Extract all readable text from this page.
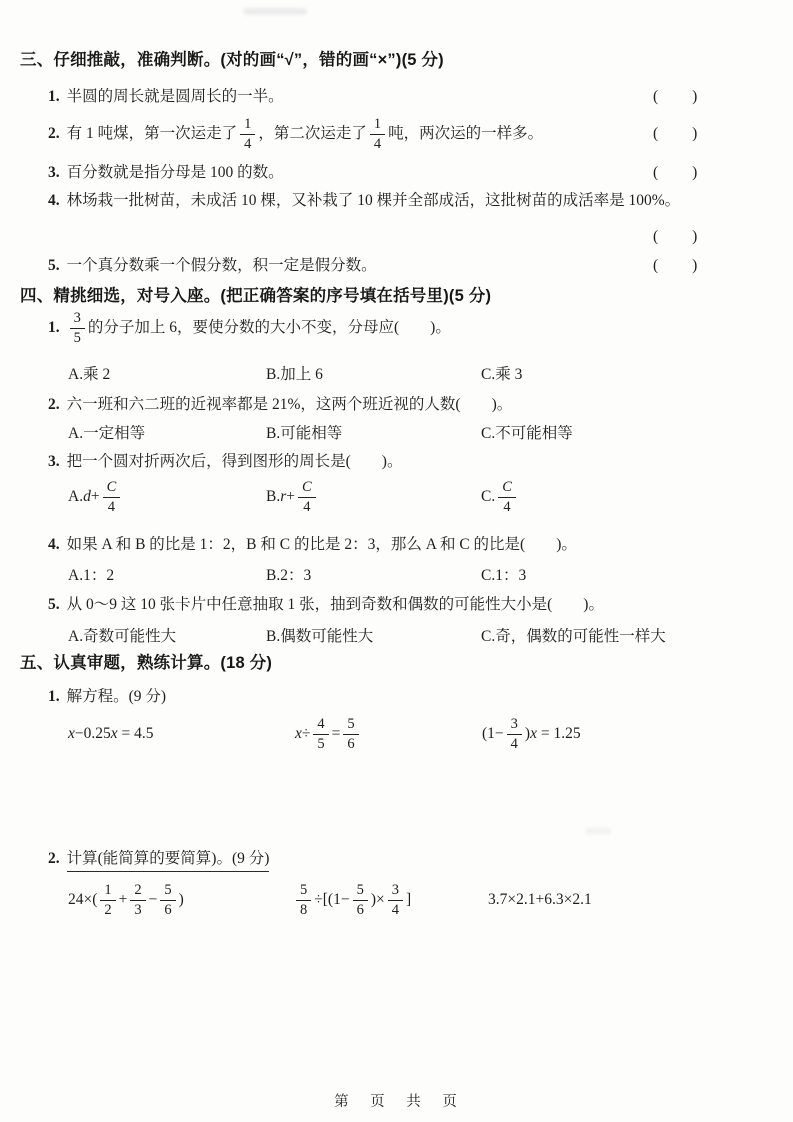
三、仔细推敲，准确判断。(对的画“√”，错的画“×”)(5 分)
1. 半圆的周长就是圆周长的一半。	(　　)
2. 有 1 吨煤，第一次运走了 $\frac{1}{4}$ ，第二次运走了 $\frac{1}{4}$ 吨，两次运的一样多。	(　　)
3. 百分数就是指分母是 100 的数。	(　　)
4. 林场栽一批树苗，未成活 10 棵，又补栽了 10 棵并全部成活，这批树苗的成活率是 100%。
(　　)
5. 一个真分数乘一个假分数，积一定是假分数。	(　　)
四、精挑细选，对号入座。(把正确答案的序号填在括号里)(5 分)
1. $\frac{3}{5}$ 的分子加上 6，要使分数的大小不变，分母应(　　)。
A.乘 2	B.加上 6	C.乘 3
2. 六一班和六二班的近视率都是 21%，这两个班近视的人数(　　)。
A.一定相等	B.可能相等	C.不可能相等
3. 把一个圆对折两次后，得到图形的周长是(　　)。
A. $d + \frac{C}{4}$	B. $r + \frac{C}{4}$	C. $\frac{C}{4}$
4. 如果 A 和 B 的比是 1：2，B 和 C 的比是 2：3，那么 A 和 C 的比是(　　)。
A.1：2	B.2：3	C.1：3
5. 从 0～9 这 10 张卡片中任意抽取 1 张，抽到奇数和偶数的可能性大小是(　　)。
A.奇数可能性大	B.偶数可能性大	C.奇，偶数的可能性一样大
五、认真审题，熟练计算。(18 分)
1. 解方程。(9 分)
x −0.25 x = 4.5	$x \div \frac{4}{5} = \frac{5}{6}$	($1- \frac{3}{4}$ ) x = 1.25
2. 计算(能简算的要简算)。(9 分)
$24\times( \frac{1}{2} + \frac{2}{3} - \frac{5}{6}$ )	$\frac{5}{8} \div[(1- \frac{5}{6}$ )× $\frac{3}{4}$ ]	3.7×2.1+6.3×2.1
第 页 共 页
